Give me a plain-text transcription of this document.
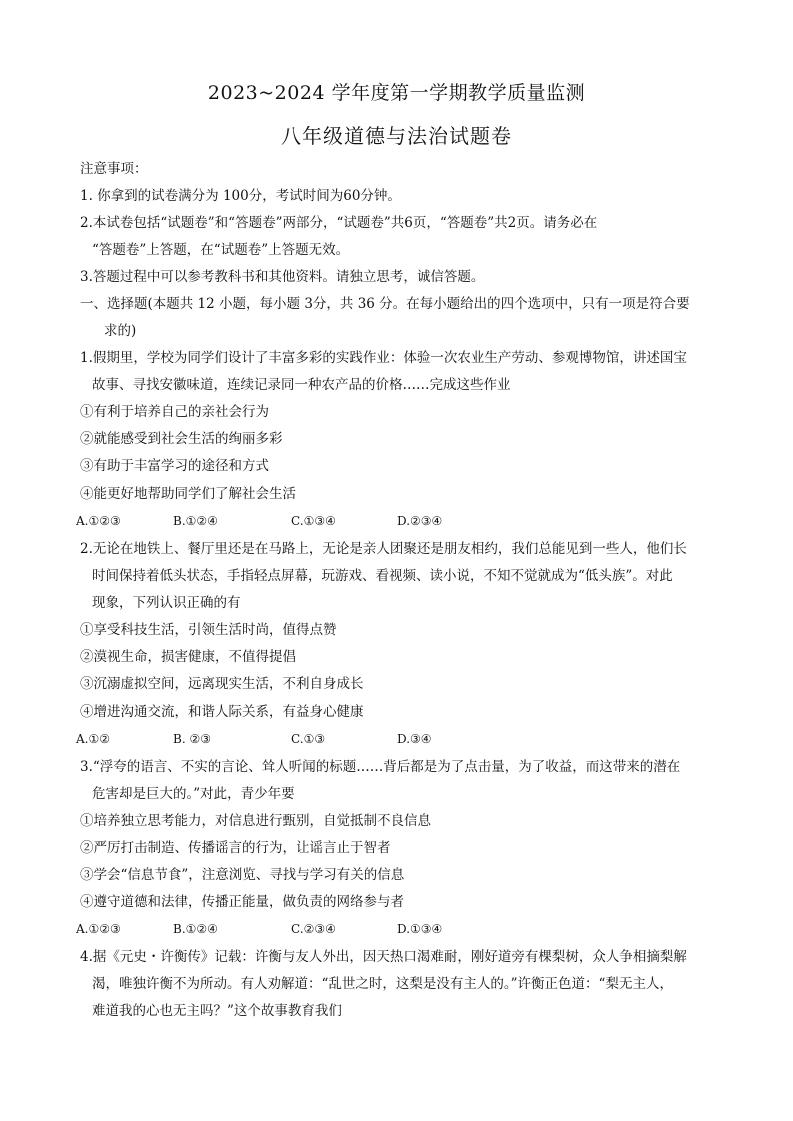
2023~2024 学年度第一学期教学质量监测
八年级道德与法治试题卷
注意事项：
1. 你拿到的试卷满分为 100分，考试时间为60分钟。
2.本试卷包括“试题卷”和“答题卷”两部分，“试题卷”共6页，“答题卷”共2页。请务必在
“答题卷”上答题，在“试题卷”上答题无效。
3.答题过程中可以参考教科书和其他资料。请独立思考，诚信答题。
一、选择题(本题共 12 小题，每小题 3分，共 36 分。在每小题给出的四个选项中，只有一项是符合要
求的)
1.假期里，学校为同学们设计了丰富多彩的实践作业：体验一次农业生产劳动、参观博物馆，讲述国宝
故事、寻找安徽味道，连续记录同一种农产品的价格……完成这些作业
①有利于培养自己的亲社会行为
②就能感受到社会生活的绚丽多彩
③有助于丰富学习的途径和方式
④能更好地帮助同学们了解社会生活
A.①②③	B.①②④	C.①③④	D.②③④
2.无论在地铁上、餐厅里还是在马路上，无论是亲人团聚还是朋友相约，我们总能见到一些人，他们长
时间保持着低头状态，手指轻点屏幕，玩游戏、看视频、读小说，不知不觉就成为“低头族”。对此
现象，下列认识正确的有
①享受科技生活，引领生活时尚，值得点赞
②漠视生命，损害健康，不值得提倡
③沉溺虚拟空间，远离现实生活，不利自身成长
④增进沟通交流，和谐人际关系，有益身心健康
A.①②	B. ②③	C.①③	D.③④
3.“浮夸的语言、不实的言论、耸人听闻的标题……背后都是为了点击量，为了收益，而这带来的潜在
危害却是巨大的。”对此，青少年要
①培养独立思考能力，对信息进行甄别，自觉抵制不良信息
②严厉打击制造、传播谣言的行为，让谣言止于智者
③学会“信息节食”，注意浏览、寻找与学习有关的信息
④遵守道德和法律，传播正能量，做负责的网络参与者
A.①②③	B.①②④	C.②③④	D.①③④
4.据《元史・许衡传》记载：许衡与友人外出，因天热口渴难耐，刚好道旁有棵梨树，众人争相摘梨解
渴，唯独许衡不为所动。有人劝解道：“乱世之时，这梨是没有主人的。”许衡正色道：“梨无主人，
难道我的心也无主吗？”这个故事教育我们
